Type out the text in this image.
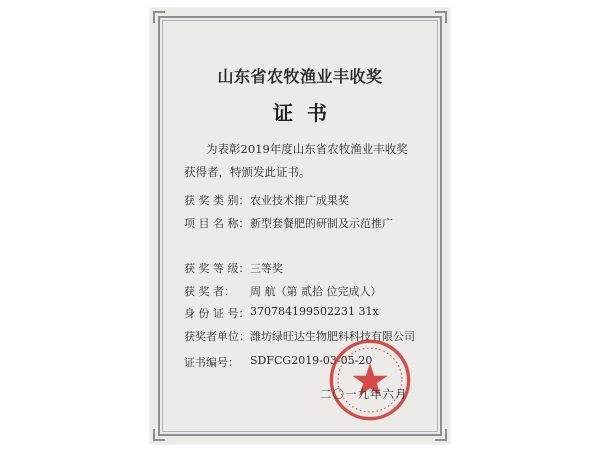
山东省农牧渔业丰收奖
证书
为表彰2019年度山东省农牧渔业丰收奖
获得者，特颁发此证书。
获 奖 类 别：农业技术推广成果奖
项 目 名 称：新型套餐肥的研制及示范推广
获 奖 等 级：三等奖
获 奖 者： 周 航（第 贰拾 位完成人）
身 份 证 号：370784199502231 31x
获奖者单位：潍坊绿旺达生物肥料科技有限公司
证书编号： SDFCG2019-03-05-20
二〇一九年六月
